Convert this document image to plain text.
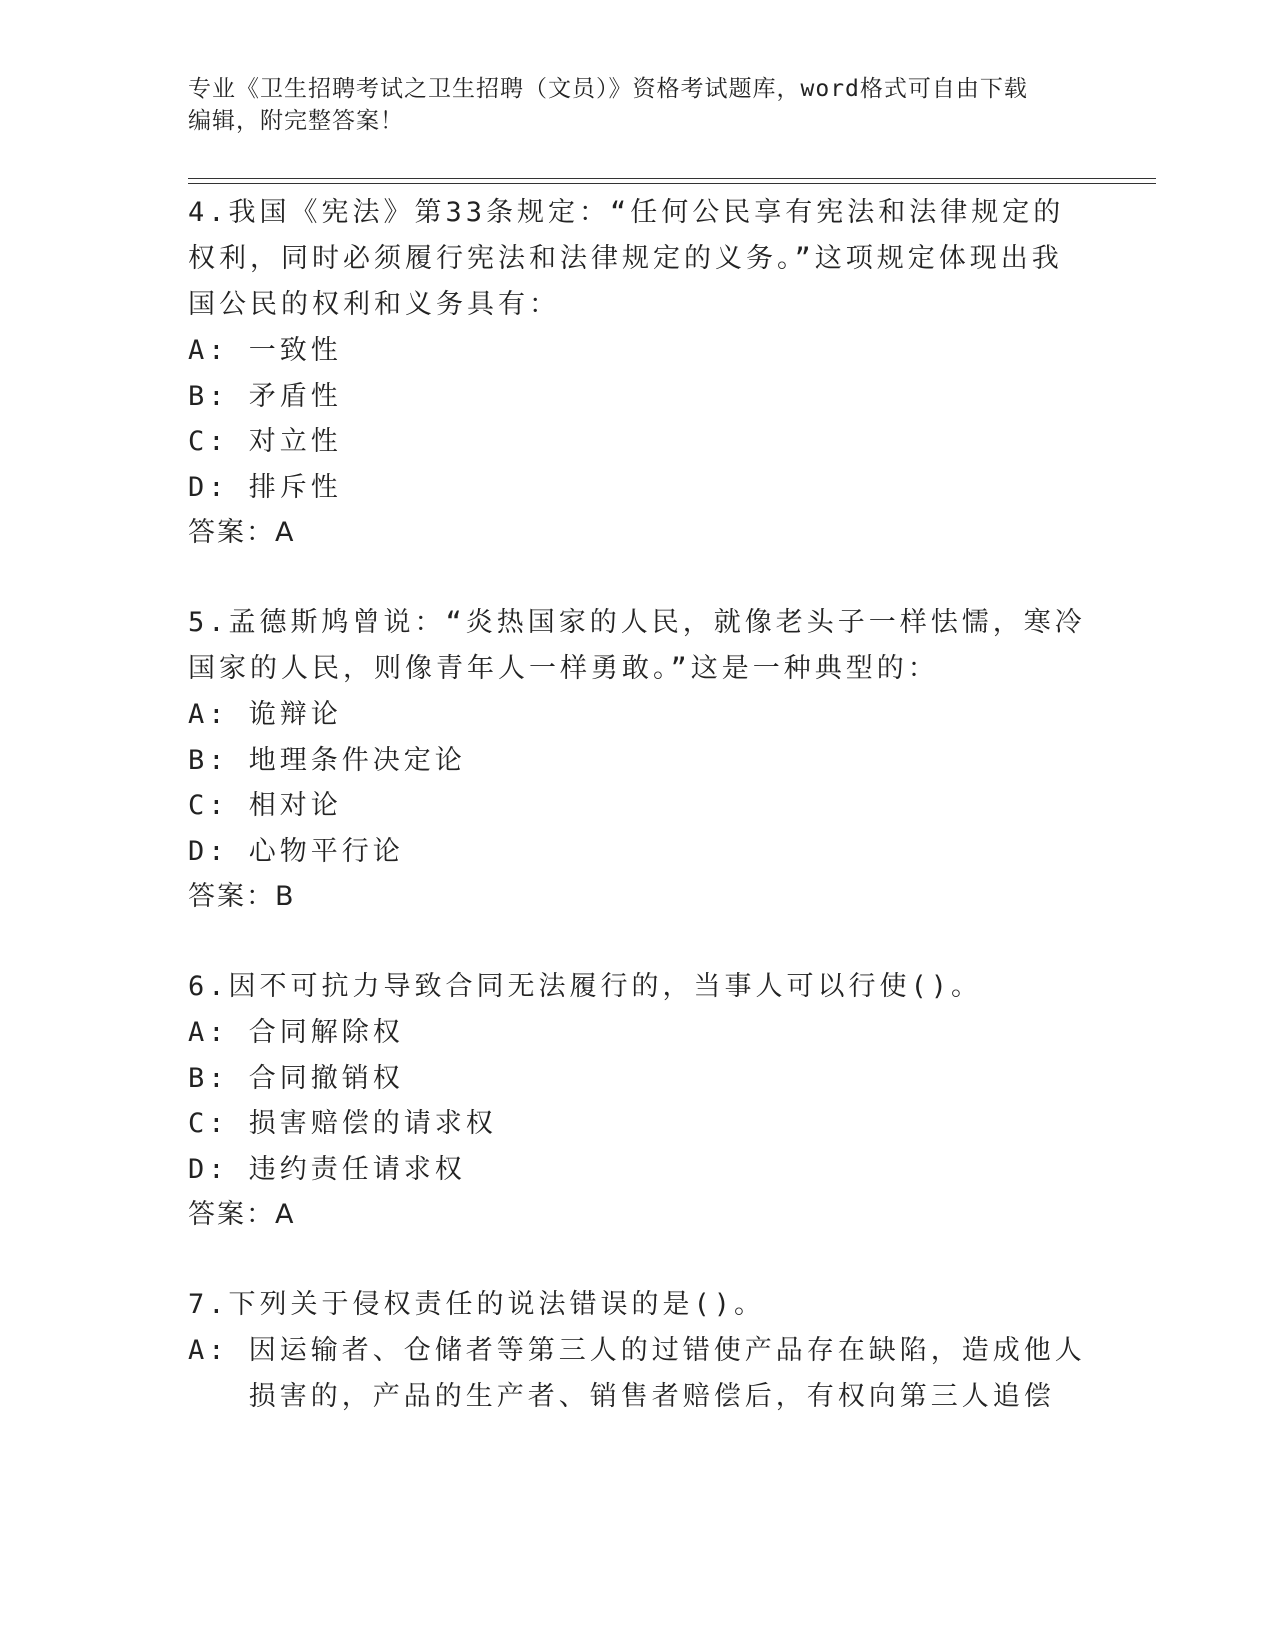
专业《卫生招聘考试之卫生招聘（文员）》资格考试题库，word格式可自由下载
编辑，附完整答案！

4.我国《宪法》第33条规定：“任何公民享有宪法和法律规定的权利，同时必须履行宪法和法律规定的义务。”这项规定体现出我国公民的权利和义务具有：

A: 一致性
B: 矛盾性
C: 对立性
D: 排斥性

答案：A

5.孟德斯鸠曾说：“炎热国家的人民，就像老头子一样怯懦，寒冷国家的人民，则像青年人一样勇敢。”这是一种典型的：

A: 诡辩论
B: 地理条件决定论
C: 相对论
D: 心物平行论

答案：B

6.因不可抗力导致合同无法履行的，当事人可以行使()。

A: 合同解除权
B: 合同撤销权
C: 损害赔偿的请求权
D: 违约责任请求权

答案：A

7.下列关于侵权责任的说法错误的是()。

A: 因运输者、仓储者等第三人的过错使产品存在缺陷，造成他人损害的，产品的生产者、销售者赔偿后，有权向第三人追偿
